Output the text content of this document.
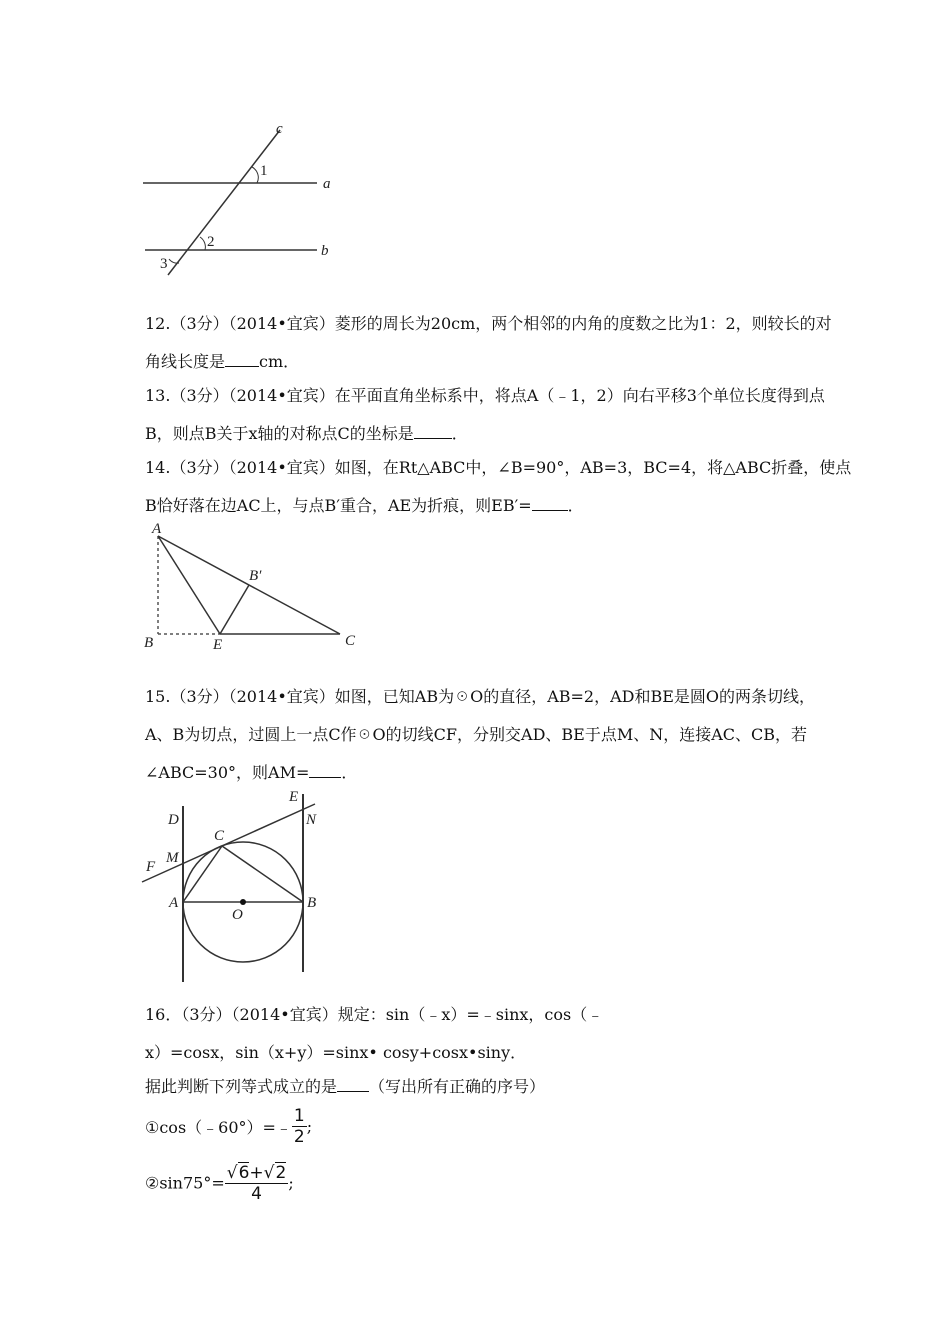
c
1
a
2
b
3
12.（3分）（2014•宜宾）菱形的周长为20cm，两个相邻的内角的度数之比为1：2，则较长的对
角线长度是 cm．
13.（3分）（2014•宜宾）在平面直角坐标系中，将点A（﹣1，2）向右平移3个单位长度得到点
B，则点B关于x轴的对称点C的坐标是 ．
14.（3分）（2014•宜宾）如图，在Rt△ABC中，∠B=90°，AB=3，BC=4，将△ABC折叠，使点
B恰好落在边AC上，与点B′重合，AE为折痕，则EB′= ．
A
B′
B	E	C
15.（3分）（2014•宜宾）如图，已知AB为☉O的直径，AB=2，AD和BE是圆O的两条切线，
A、B为切点，过圆上一点C作☉O的切线CF，分别交AD、BE于点M、N，连接AC、CB，若
∠ABC=30°，则AM= ．
E
D	N
C
M
F
A	B
O
16．（3分）（2014•宜宾）规定：sin（﹣x）=﹣sinx，cos（﹣
x）=cosx，sin（x+y）=sinx• cosy+cosx•siny．
据此判断下列等式成立的是 （写出所有正确的序号）
①cos（﹣60°）=﹣ $\frac{1}{2}$ ;
②sin75°= $\frac{√6+√2}{4}$ ;
